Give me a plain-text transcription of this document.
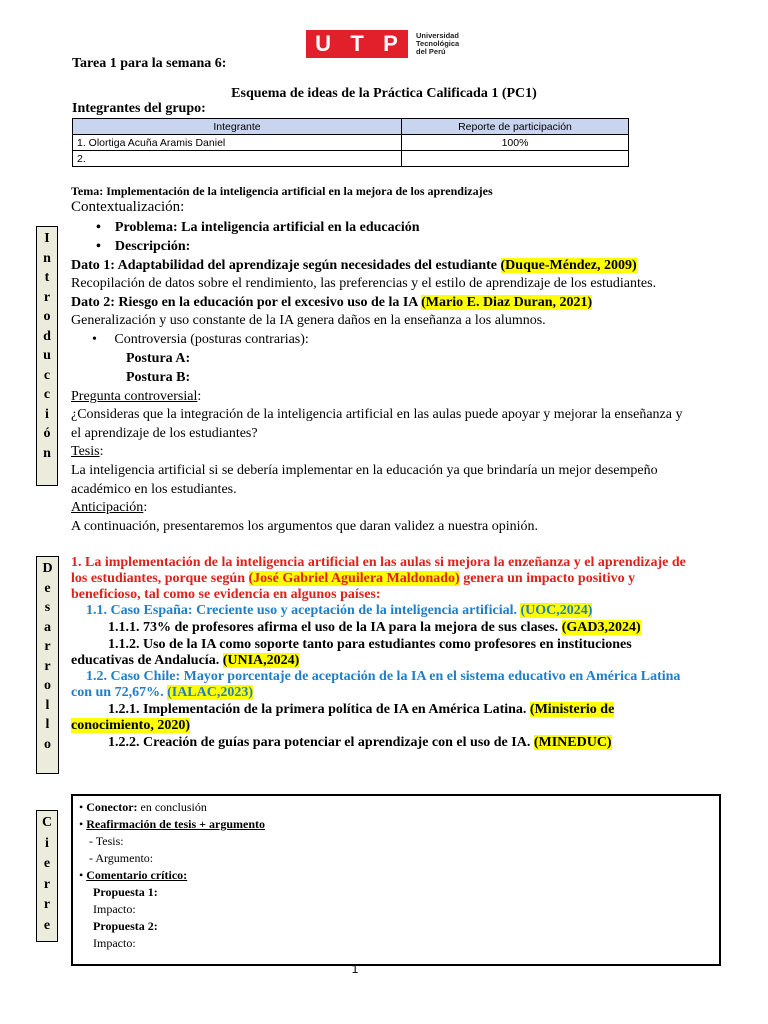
U T P Universidad
Tecnológica
del Perú
Tarea 1 para la semana 6:
Esquema de ideas de la Práctica Calificada 1 (PC1)
Integrantes del grupo:
Integrante	Reporte de participación
1. Olortiga Acuña Aramis Daniel	100%
2.	
I
n
t
r
o
d
u
c
c
i
ó
n
Tema: Implementación de la inteligencia artificial en la mejora de los aprendizajes
Contextualización:
•    Problema: La inteligencia artificial en la educación
•    Descripción:
Dato 1: Adaptabilidad del aprendizaje según necesidades del estudiante (Duque-Méndez, 2009)
Recopilación de datos sobre el rendimiento, las preferencias y el estilo de aprendizaje de los estudiantes.
Dato 2: Riesgo en la educación por el excesivo uso de la IA (Mario E. Diaz Duran, 2021)
Generalización y uso constante de la IA genera daños en la enseñanza a los alumnos.
•     Controversia (posturas contrarias):
Postura A:
Postura B:
Pregunta controversial:
¿Consideras que la integración de la inteligencia artificial en las aulas puede apoyar y mejorar la enseñanza y
el aprendizaje de los estudiantes?
Tesis:
La inteligencia artificial si se debería implementar en la educación ya que brindaría un mejor desempeño
académico en los estudiantes.
Anticipación:
A continuación, presentaremos los argumentos que daran validez a nuestra opinión.
D
e
s
a
r
r
o
l
l
o
1. La implementación de la inteligencia artificial en las aulas si mejora la enzeñanza y el aprendizaje de
los estudiantes, porque según (José Gabriel Aguilera Maldonado) genera un impacto positivo y
beneficioso, tal como se evidencia en algunos países:
1.1. Caso España: Creciente uso y aceptación de la inteligencia artificial. (UOC,2024)
1.1.1. 73% de profesores afirma el uso de la IA para la mejora de sus clases. (GAD3,2024)
1.1.2. Uso de la IA como soporte tanto para estudiantes como profesores en instituciones
educativas de Andalucía. (UNIA,2024)
1.2. Caso Chile: Mayor porcentaje de aceptación de la IA en el sistema educativo en América Latina
con un 72,67%. (IALAC,2023)
1.2.1. Implementación de la primera política de IA en América Latina. (Ministerio de
conocimiento, 2020)
1.2.2. Creación de guías para potenciar el aprendizaje con el uso de IA. (MINEDUC)
C
i
e
r
r
e
• Conector: en conclusión
• Reafirmación de tesis + argumento
- Tesis:
- Argumento:
• Comentario crítico:
Propuesta 1:
Impacto:
Propuesta 2:
Impacto:
1
